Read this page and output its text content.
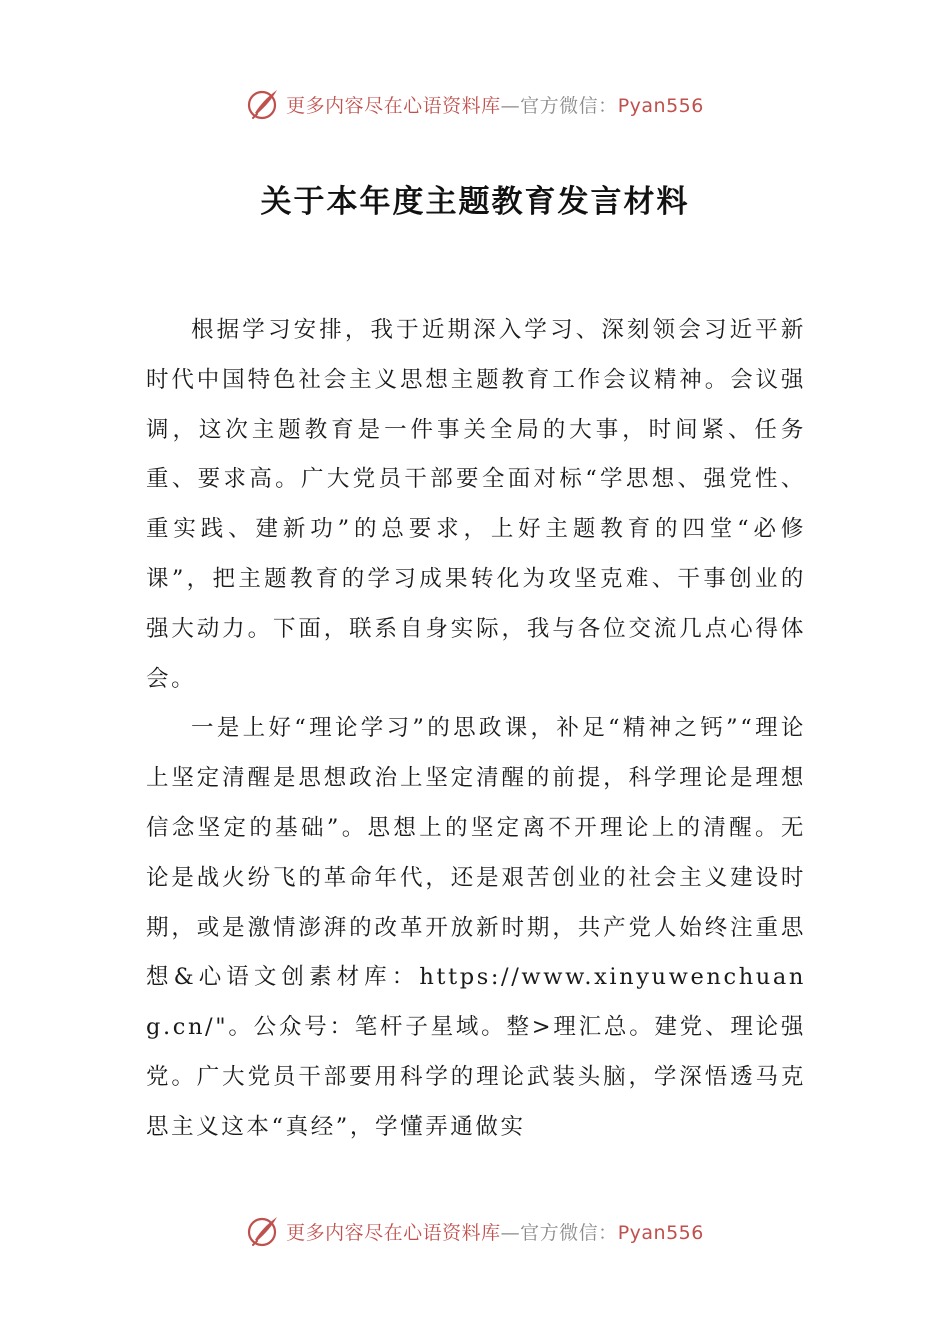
更多内容尽在心语资料库—官方微信：Pyan556
关于本年度主题教育发言材料

根据学习安排，我于近期深入学习、深刻领会习近平新时代中国特色社会主义思想主题教育工作会议精神。会议强调，这次主题教育是一件事关全局的大事，时间紧、任务重、要求高。广大党员干部要全面对标“学思想、强党性、重实践、建新功”的总要求，上好主题教育的四堂“必修课”，把主题教育的学习成果转化为攻坚克难、干事创业的强大动力。下面，联系自身实际，我与各位交流几点心得体会。

一是上好“理论学习”的思政课，补足“精神之钙”“理论上坚定清醒是思想政治上坚定清醒的前提，科学理论是理想信念坚定的基础”。思想上的坚定离不开理论上的清醒。无论是战火纷飞的革命年代，还是艰苦创业的社会主义建设时期，或是激情澎湃的改革开放新时期，共产党人始终注重思想&心语文创素材库：https://www.xinyuwenchuang.cn/"。公众号：笔杆子星域。整>理汇总。建党、理论强党。广大党员干部要用科学的理论武装头脑，学深悟透马克思主义这本“真经”，学懂弄通做实

更多内容尽在心语资料库—官方微信：Pyan556
